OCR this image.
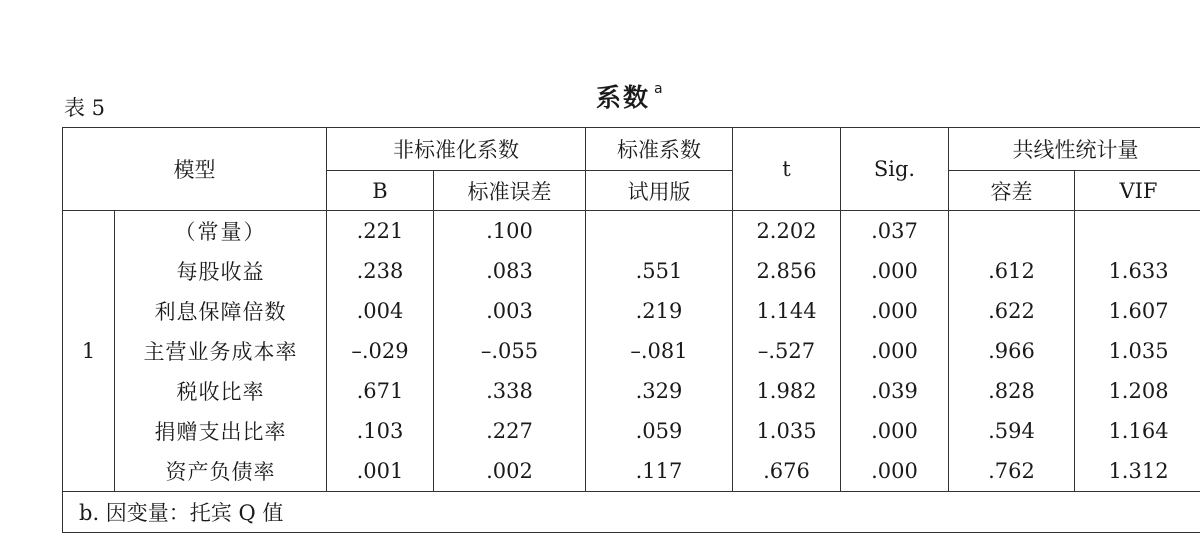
表 5	系数 $^a$
模型		非标准化系数		标准系数	t	Sig.	共线性统计量	
		B	标准误差	试用版			容差	VIF
1	（常量）	.221	.100		2.202	.037		
	每股收益	.238	.083	.551	2.856	.000	.612	1.633
	利息保障倍数	.004	.003	.219	1.144	.000	.622	1.607
	主营业务成本率	–.029	–.055	–.081	–.527	.000	.966	1.035
	税收比率	.671	.338	.329	1.982	.039	.828	1.208
	捐赠支出比率	.103	.227	.059	1.035	.000	.594	1.164
	资产负债率	.001	.002	.117	.676	.000	.762	1.312
b. 因变量：托宾 Q 值								
